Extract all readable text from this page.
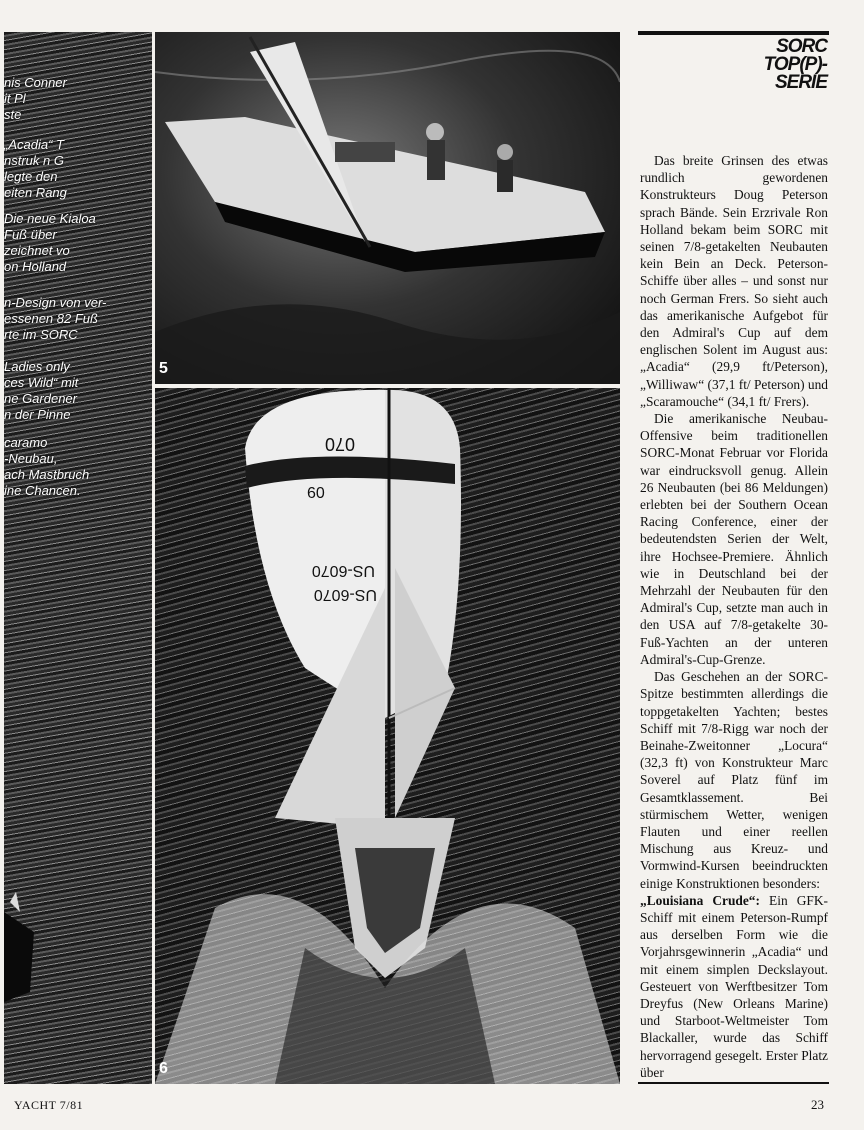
nis Conner
it Pl
ste
„Acadia“ T
nstruk n G
legte den
eiten Rang
Die neue Kialoa
Fuß über
zeichnet vo
on Holland
n-Design von ver-
essenen 82 Fuß
rte im SORC
Ladies only
ces Wild“ mit
ne Gardener
n der Pinne
caramo
-Neubau,
ach Mastbruch
ine Chancen.
5
070
60
US-6070
US-6070
6
SORC
TOP(P)-
SERIE

Das breite Grinsen des etwas rundlich gewordenen Konstrukteurs Doug Peterson sprach Bände. Sein Erzrivale Ron Holland bekam beim SORC mit seinen 7/8-getakelten Neubauten kein Bein an Deck. Peterson-Schiffe über alles – und sonst nur noch German Frers. So sieht auch das amerikanische Aufgebot für den Admiral's Cup auf dem englischen Solent im August aus: „Acadia“ (29,9 ft/Peterson), „Williwaw“ (37,1 ft/ Peterson) und „Scaramouche“ (34,1 ft/ Frers).

Die amerikanische Neubau-Offensive beim traditionellen SORC-Monat Februar vor Florida war eindrucksvoll genug. Allein 26 Neubauten (bei 86 Meldungen) erlebten bei der Southern Ocean Racing Conference, einer der bedeutendsten Serien der Welt, ihre Hochsee-Premiere. Ähnlich wie in Deutschland bei der Mehrzahl der Neubauten für den Admiral's Cup, setzte man auch in den USA auf 7/8-getakelte 30-Fuß-Yachten an der unteren Admiral's-Cup-Grenze.

Das Geschehen an der SORC-Spitze bestimmten allerdings die toppgetakelten Yachten; bestes Schiff mit 7/8-Rigg war noch der Beinahe-Zweitonner „Locura“ (32,3 ft) von Konstrukteur Marc Soverel auf Platz fünf im Gesamtklassement. Bei stürmischem Wetter, wenigen Flauten und einer reellen Mischung aus Kreuz- und Vormwind-Kursen beeindruckten einige Konstruktionen besonders:

„Louisiana Crude“: Ein GFK-Schiff mit einem Peterson-Rumpf aus derselben Form wie die Vorjahrsgewinnerin „Acadia“ und mit einem simplen Deckslayout. Gesteuert von Werftbesitzer Tom Dreyfus (New Orleans Marine) und Starboot-Weltmeister Tom Blackaller, wurde das Schiff hervorragend gesegelt. Erster Platz über

YACHT 7/81	23
